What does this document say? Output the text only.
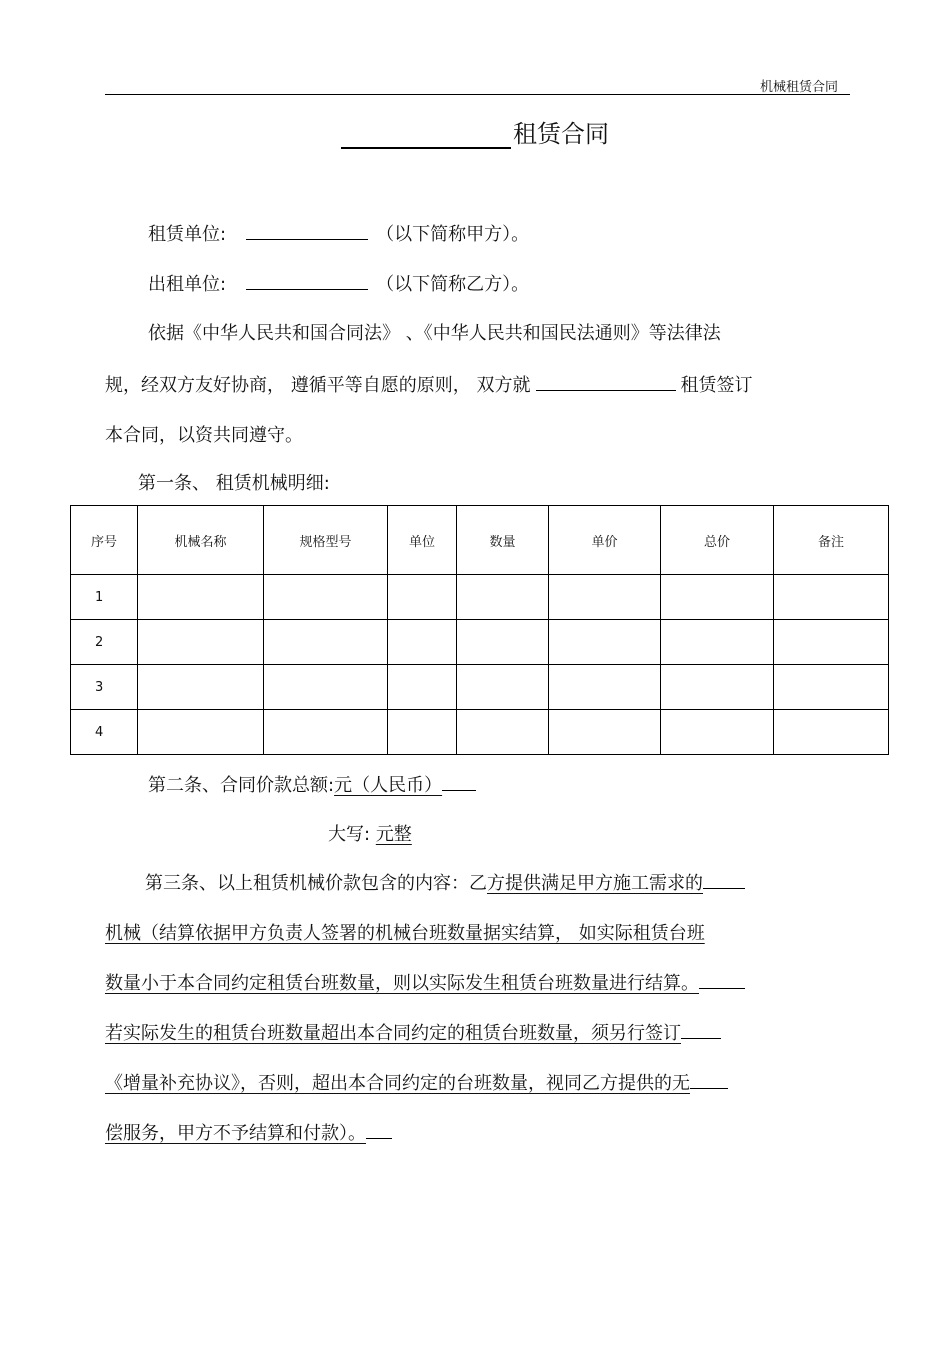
机械租赁合同
租赁合同
租赁单位:	（以下简称甲方）。
出租单位:	（以下简称乙方）。
依据《中华人民共和国合同法》 、《中华人民共和国民法通则》等法律法
规，经双方友好协商， 遵循平等自愿的原则， 双方就	租赁签订
本合同，以资共同遵守。
第一条、 租赁机械明细:
序号	机械名称	规格型号	单位	数量	单价	总价	备注
1							
2							
3							
4							
第二条、合同价款总额:元（人民币）
大写: 元整
第三条、以上租赁机械价款包含的内容：乙方提供满足甲方施工需求的
机械（结算依据甲方负责人签署的机械台班数量据实结算， 如实际租赁台班
数量小于本合同约定租赁台班数量，则以实际发生租赁台班数量进行结算。
若实际发生的租赁台班数量超出本合同约定的租赁台班数量，须另行签订
《增量补充协议》，否则，超出本合同约定的台班数量，视同乙方提供的无
偿服务，甲方不予结算和付款）。
